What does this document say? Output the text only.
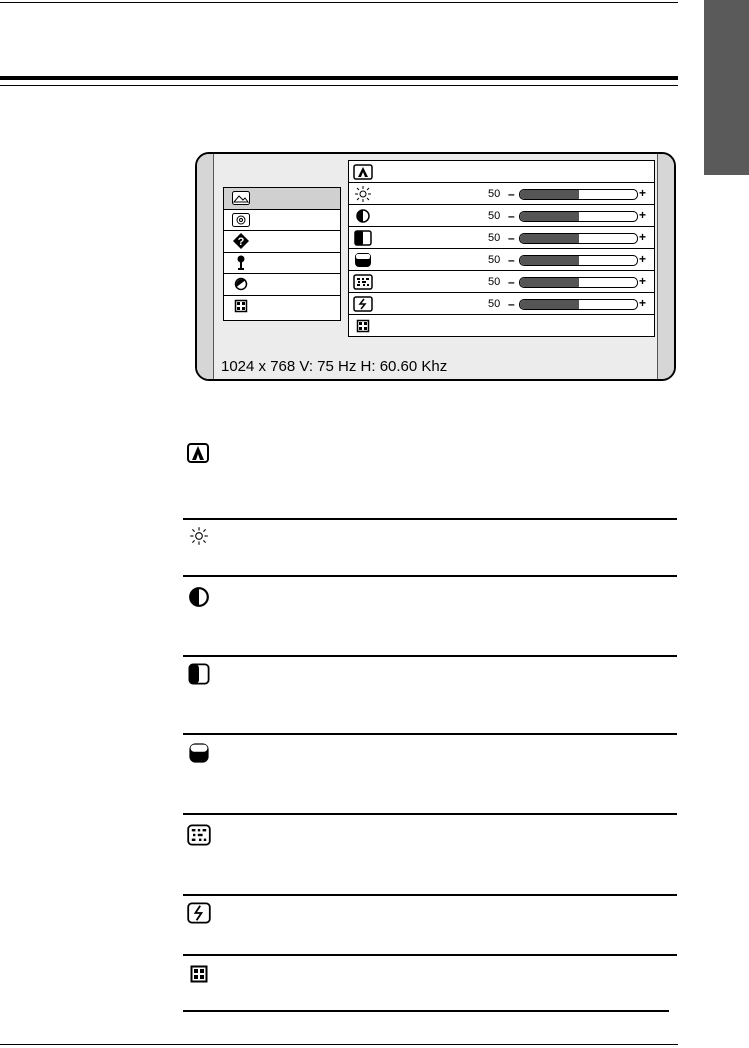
?
50 –	+
50 –	+
50 –	+
50 –	+
50 –	+
50 –	+
1024 x 768 V: 75 Hz H: 60.60 Khz
